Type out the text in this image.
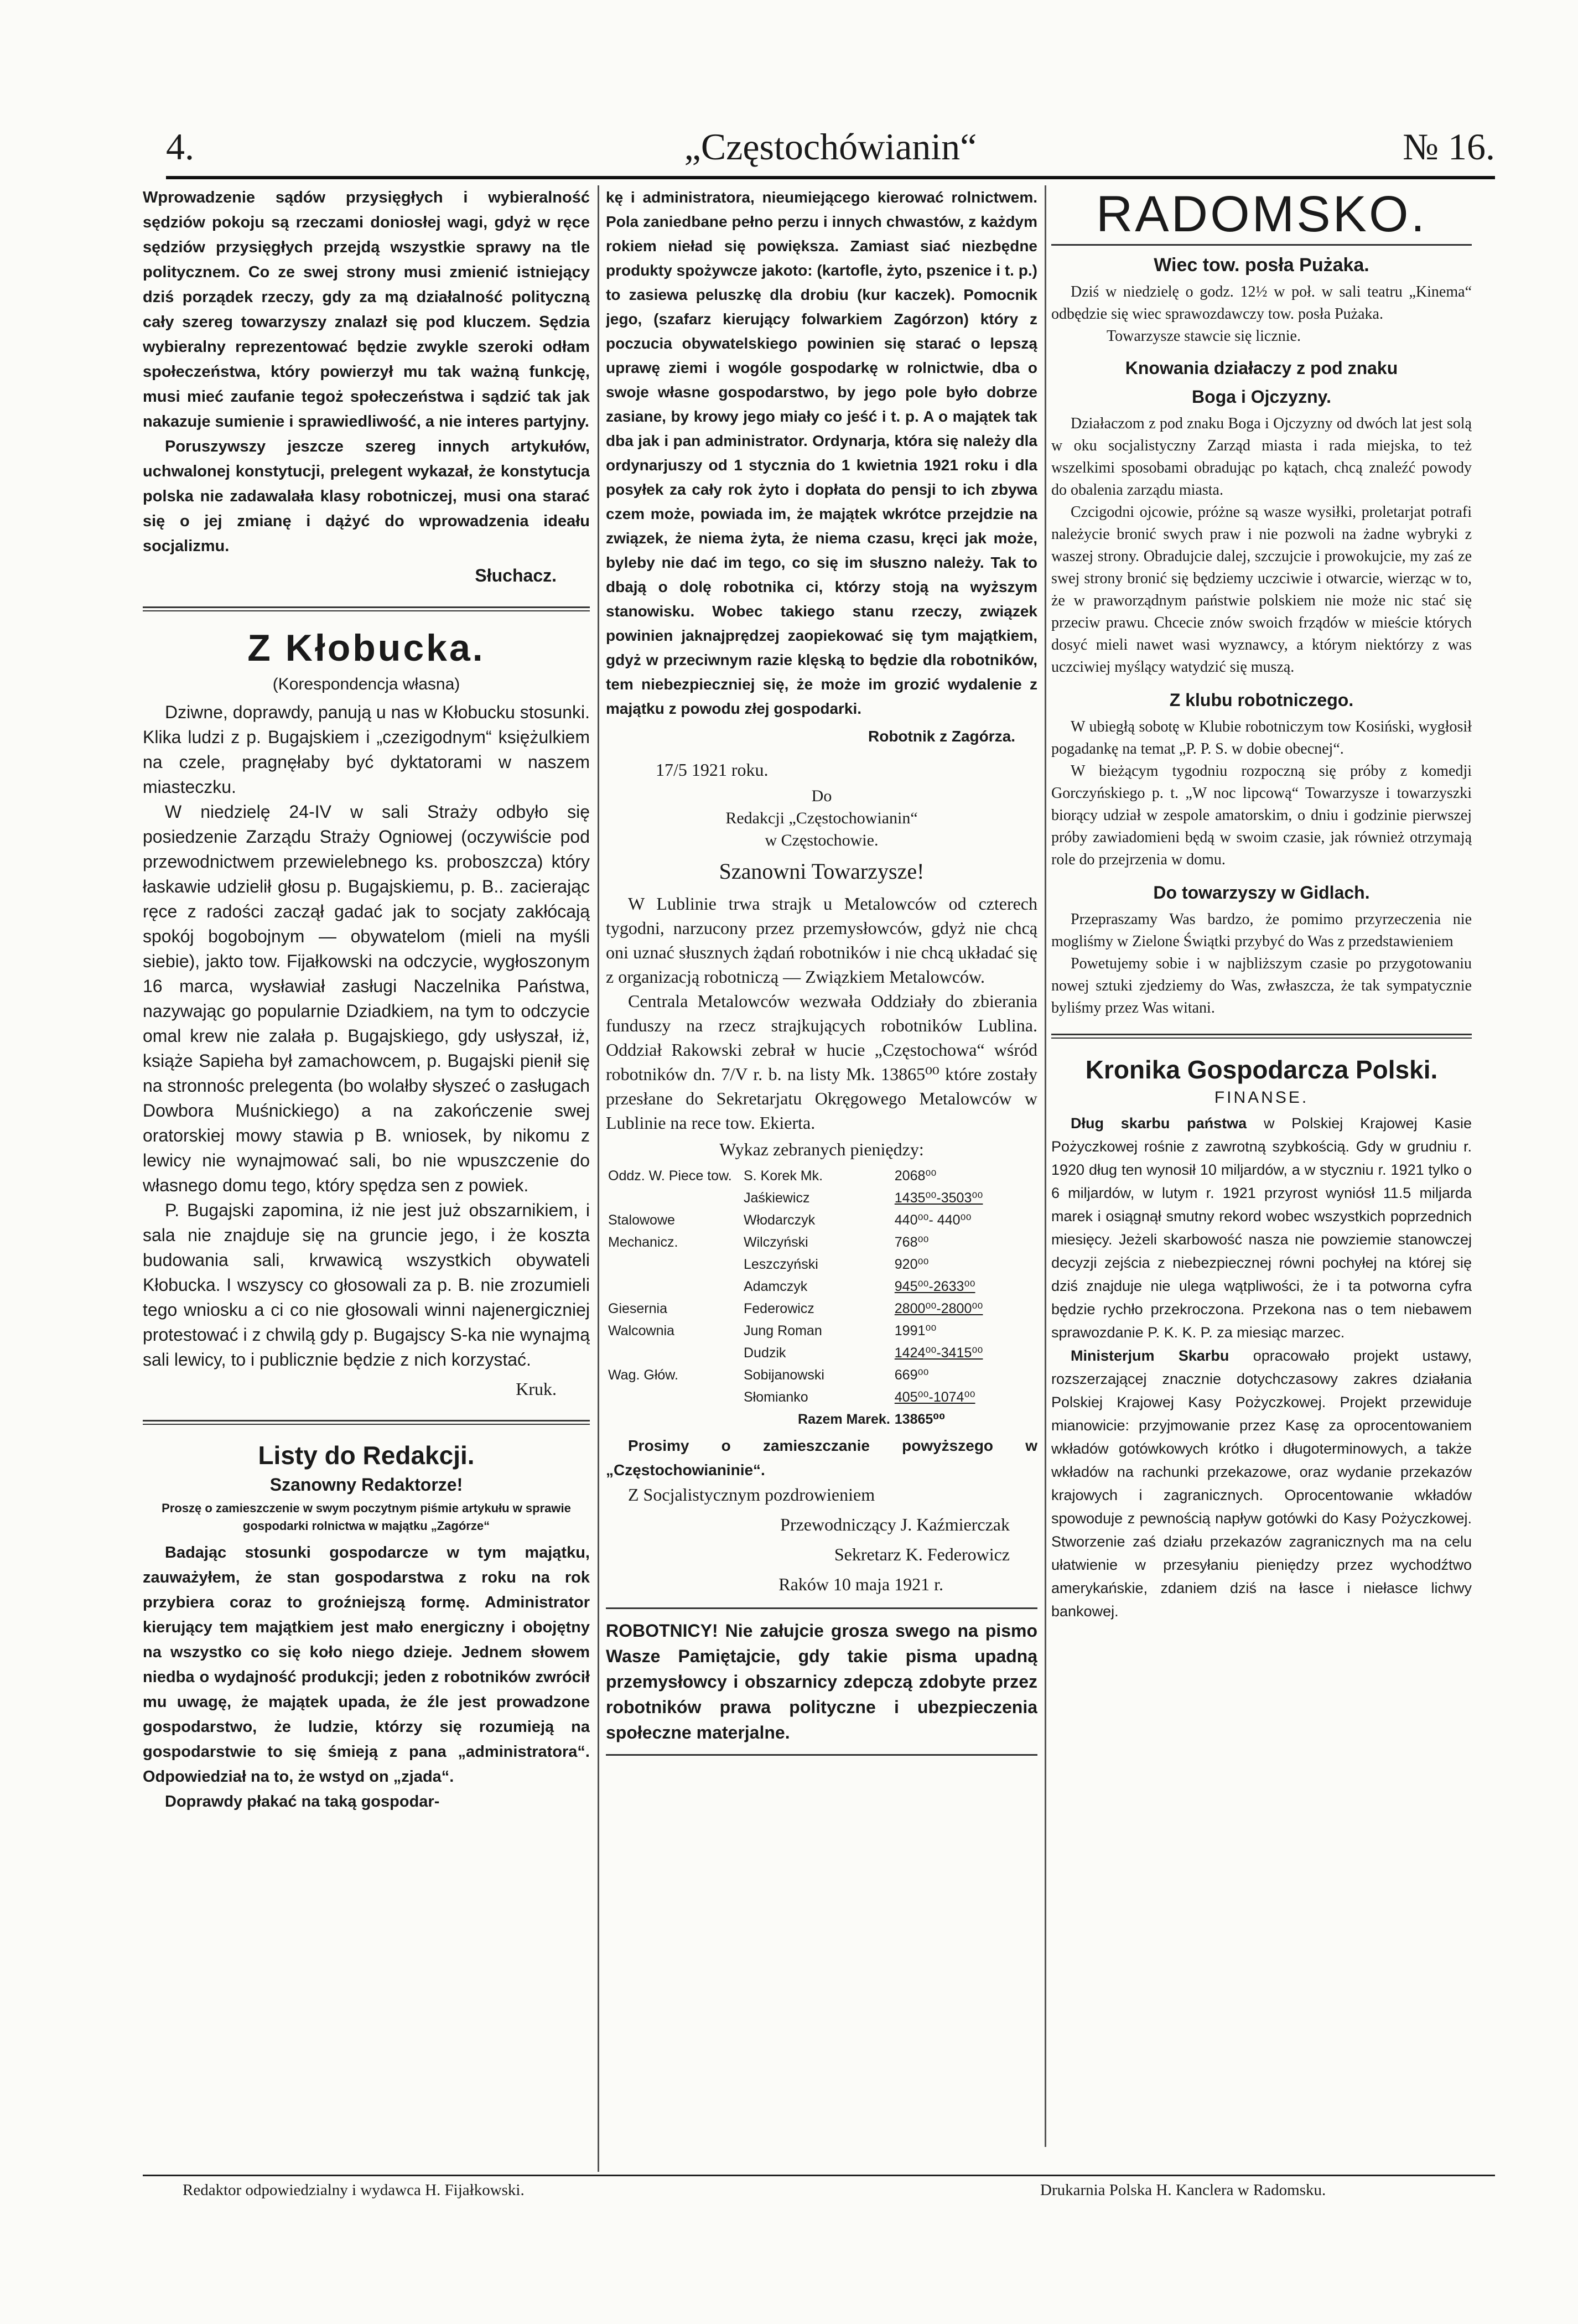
4.	„Częstochówianin“	№ 16.

Wprowadzenie sądów przysięgłych i wybieralność sędziów pokoju są rzeczami doniosłej wagi, gdyż w ręce sędziów przysięgłych przejdą wszystkie sprawy na tle politycznem. Co ze swej strony musi zmienić istniejący dziś porządek rzeczy, gdy za mą działalność polityczną cały szereg towarzyszy znalazł się pod kluczem. Sędzia wybieralny reprezentować będzie zwykle szeroki odłam społeczeństwa, który powierzył mu tak ważną funkcję, musi mieć zaufanie tegoż społeczeństwa i sądzić tak jak nakazuje sumienie i sprawiedliwość, a nie interes partyjny.

Poruszywszy jeszcze szereg innych artykułów, uchwalonej konstytucji, prelegent wykazał, że konstytucja polska nie zadawalała klasy robotniczej, musi ona starać się o jej zmianę i dążyć do wprowadzenia ideału socjalizmu.

Słuchacz.
Z Kłobucka.
(Korespondencja własna)

Dziwne, doprawdy, panują u nas w Kłobucku stosunki. Klika ludzi z p. Bugajskiem i „czezigodnym“ księżulkiem na czele, pragnęłaby być dyktatorami w naszem miasteczku.

W niedzielę 24-IV w sali Straży odbyło się posiedzenie Zarządu Straży Ogniowej (oczywiście pod przewodnictwem przewielebnego ks. proboszcza) który łaskawie udzielił głosu p. Bugajskiemu, p. B.. zacierając ręce z radości zaczął gadać jak to socjaty zakłócają spokój bogobojnym — obywatelom (mieli na myśli siebie), jakto tow. Fijałkowski na odczycie, wygłoszonym 16 marca, wysławiał zasługi Naczelnika Państwa, nazywając go popularnie Dziadkiem, na tym to odczycie omal krew nie zalała p. Bugajskiego, gdy usłyszał, iż, książe Sapieha był zamachowcem, p. Bugajski pienił się na stronnośc prelegenta (bo wolałby słyszeć o zasługach Dowbora Muśnickiego) a na zakończenie swej oratorskiej mowy stawia p B. wniosek, by nikomu z lewicy nie wynajmować sali, bo nie wpuszczenie do własnego domu tego, który spędza sen z powiek.

P. Bugajski zapomina, iż nie jest już obszarnikiem, i sala nie znajduje się na gruncie jego, i że koszta budowania sali, krwawicą wszystkich obywateli Kłobucka. I wszyscy co głosowali za p. B. nie zrozumieli tego wniosku a ci co nie głosowali winni najenergiczniej protestować i z chwilą gdy p. Bugajscy S-ka nie wynajmą sali lewicy, to i publicznie będzie z nich korzystać.

Kruk.
Listy do Redakcji.
Szanowny Redaktorze!
Proszę o zamieszczenie w swym poczytnym piśmie artykułu w sprawie gospodarki rolnictwa w majątku „Zagórze“

Badając stosunki gospodarcze w tym majątku, zauważyłem, że stan gospodarstwa z roku na rok przybiera coraz to groźniejszą formę. Administrator kierujący tem majątkiem jest mało energiczny i obojętny na wszystko co się koło niego dzieje. Jednem słowem niedba o wydajność produkcji; jeden z robotników zwrócił mu uwagę, że majątek upada, że źle jest prowadzone gospodarstwo, że ludzie, którzy się rozumieją na gospodarstwie to się śmieją z pana „administratora“. Odpowiedział na to, że wstyd on „zjada“.

Doprawdy płakać na taką gospodar-

kę i administratora, nieumiejącego kierować rolnictwem. Pola zaniedbane pełno perzu i innych chwastów, z każdym rokiem nieład się powiększa. Zamiast siać niezbędne produkty spożywcze jakoto: (kartofle, żyto, pszenice i t. p.) to zasiewa peluszkę dla drobiu (kur kaczek). Pomocnik jego, (szafarz kierujący folwarkiem Zagórzon) który z poczucia obywatelskiego powinien się starać o lepszą uprawę ziemi i wogóle gospodarkę w rolnictwie, dba o swoje własne gospodarstwo, by jego pole było dobrze zasiane, by krowy jego miały co jeść i t. p. A o majątek tak dba jak i pan administrator. Ordynarja, która się należy dla ordynarjuszy od 1 stycznia do 1 kwietnia 1921 roku i dla posyłek za cały rok żyto i dopłata do pensji to ich zbywa czem może, powiada im, że majątek wkrótce przejdzie na związek, że niema żyta, że niema czasu, kręci jak może, byleby nie dać im tego, co się im słuszno należy. Tak to dbają o dolę robotnika ci, którzy stoją na wyższym stanowisku. Wobec takiego stanu rzeczy, związek powinien jaknajprędzej zaopiekować się tym majątkiem, gdyż w przeciwnym razie klęską to będzie dla robotników, tem niebezpieczniej się, że może im grozić wydalenie z majątku z powodu złej gospodarki.

Robotnik z Zagórza.

17/5 1921 roku.

Do

Redakcji „Częstochowianin“

w Częstochowie.

Szanowni Towarzysze!

W Lublinie trwa strajk u Metalowców od czterech tygodni, narzucony przez przemysłowców, gdyż nie chcą oni uznać słusznych żądań robotników i nie chcą układać się z organizacją robotniczą — Związkiem Metalowców.

Centrala Metalowców wezwała Oddziały do zbierania funduszy na rzecz strajkujących robotników Lublina. Oddział Rakowski zebrał w hucie „Częstochowa“ wśród robotników dn. 7/V r. b. na listy Mk. 13865⁰⁰ które zostały przesłane do Sekretarjatu Okręgowego Metalowców w Lublinie na rece tow. Ekierta.

Wykaz zebranych pieniędzy:

Oddz. W. Piece tow.	S. Korek Mk.	2068⁰⁰
	Jaśkiewicz	1435⁰⁰-3503⁰⁰
Stalowowe	Włodarczyk	440⁰⁰- 440⁰⁰
Mechanicz.	Wilczyński	768⁰⁰
	Leszczyński	920⁰⁰
	Adamczyk	945⁰⁰-2633⁰⁰
Giesernia	Federowicz	2800⁰⁰-2800⁰⁰
Walcownia	Jung Roman	1991⁰⁰
	Dudzik	1424⁰⁰-3415⁰⁰
Wag. Głów.	Sobijanowski	669⁰⁰
	Słomianko	405⁰⁰-1074⁰⁰
	Razem Marek.	13865⁰⁰

Prosimy o zamieszczanie powyższego w „Częstochowianinie“.

Z Socjalistycznym pozdrowieniem

Przewodniczący J. Kaźmierczak

Sekretarz K. Federowicz

Raków 10 maja 1921 r.

ROBOTNICY! Nie załujcie grosza swego na pismo Wasze Pamiętajcie, gdy takie pisma upadną przemysłowcy i obszarnicy zdepczą zdobyte przez robotników prawa polityczne i ubezpieczenia społeczne materjalne.

RADOMSKO.

Wiec tow. posła Pużaka.

Dziś w niedzielę o godz. 12½ w poł. w sali teatru „Kinema“ odbędzie się wiec sprawozdawczy tow. posła Pużaka.

Towarzysze stawcie się licznie.

Knowania działaczy z pod znaku

Boga i Ojczyzny.

Działaczom z pod znaku Boga i Ojczyzny od dwóch lat jest solą w oku socjalistyczny Zarząd miasta i rada miejska, to też wszelkimi sposobami obradując po kątach, chcą znaleźć powody do obalenia zarządu miasta.

Czcigodni ojcowie, próżne są wasze wysiłki, proletarjat potrafi należycie bronić swych praw i nie pozwoli na żadne wybryki z waszej strony. Obradujcie dalej, szczujcie i prowokujcie, my zaś ze swej strony bronić się będziemy uczciwie i otwarcie, wierząc w to, że w praworządnym państwie polskiem nie może nic stać się przeciw prawu. Chcecie znów swoich frządów w mieście których dosyć mieli nawet wasi wyznawcy, a którym niektórzy z was uczciwiej myślący watydzić się muszą.

Z klubu robotniczego.

W ubiegłą sobotę w Klubie robotniczym tow Kosiński, wygłosił pogadankę na temat „P. P. S. w dobie obecnej“.

W bieżącym tygodniu rozpoczną się próby z komedji Gorczyńskiego p. t. „W noc lipcową“ Towarzysze i towarzyszki biorący udział w zespole amatorskim, o dniu i godzinie pierwszej próby zawiadomieni będą w swoim czasie, jak również otrzymają role do przejrzenia w domu.

Do towarzyszy w Gidlach.

Przepraszamy Was bardzo, że pomimo przyrzeczenia nie mogliśmy w Zielone Świątki przybyć do Was z przedstawieniem

Powetujemy sobie i w najbliższym czasie po przygotowaniu nowej sztuki zjedziemy do Was, zwłaszcza, że tak sympatycznie byliśmy przez Was witani.

Kronika Gospodarcza Polski.
FINANSE.

Dług skarbu państwa w Polskiej Krajowej Kasie Pożyczkowej rośnie z zawrotną szybkością. Gdy w grudniu r. 1920 dług ten wynosił 10 miljardów, a w styczniu r. 1921 tylko o 6 miljardów, w lutym r. 1921 przyrost wyniósł 11.5 miljarda marek i osiągnął smutny rekord wobec wszystkich poprzednich miesięcy. Jeżeli skarbowość nasza nie powziemie stanowczej decyzji zejścia z niebezpiecznej równi pochyłej na której się dziś znajduje nie ulega wątpliwości, że i ta potworna cyfra będzie rychło przekroczona. Przekona nas o tem niebawem sprawozdanie P. K. K. P. za miesiąc marzec.

Ministerjum Skarbu opracowało projekt ustawy, rozszerzającej znacznie dotychczasowy zakres działania Polskiej Krajowej Kasy Pożyczkowej. Projekt przewiduje mianowicie: przyjmowanie przez Kasę za oprocentowaniem wkładów gotówkowych krótko i długoterminowych, a także wkładów na rachunki przekazowe, oraz wydanie przekazów krajowych i zagranicznych. Oprocentowanie wkładów spowoduje z pewnością napływ gotówki do Kasy Pożyczkowej. Stworzenie zaś działu przekazów zagranicznych ma na celu ułatwienie w przesyłaniu pieniędzy przez wychodźtwo amerykańskie, zdaniem dziś na łasce i niełasce lichwy bankowej.

Redaktor odpowiedzialny i wydawca H. Fijałkowski.	Drukarnia Polska H. Kanclera w Radomsku.
